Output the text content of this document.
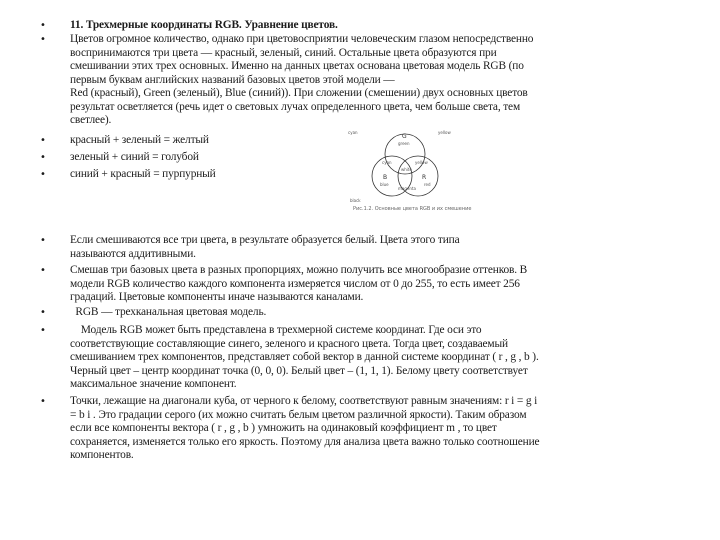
• 11. Трехмерные координаты RGB. Уравнение цветов.
• Цветов огромное количество, однако при цветовосприятии человеческим глазом непосредственно
воспринимаются три цвета — красный, зеленый, синий. Остальные цвета образуются при
смешивании этих трех основных. Именно на данных цветах основана цветовая модель RGB (по
первым буквам английских названий базовых цветов этой модели —
Red (красный), Green (зеленый), Blue (синий)). При сложении (смешении) двух основных цветов
результат осветляется (речь идет о световых лучах определенного цвета, чем больше света, тем
светлее).
• красный + зеленый = желтый
• зеленый + синий = голубой
• синий + красный = пурпурный
G
green
R
red
B
blue
white
cyan	yellow
magenta
cyan	yellow
black
Рис.1.2. Основные цвета RGB и их смешение
• Если смешиваются все три цвета, в результате образуется белый. Цвета этого типа
называются аддитивными.
• Смешав три базовых цвета в разных пропорциях, можно получить все многообразие оттенков. В
модели RGB количество каждого компонента измеряется числом от 0 до 255, то есть имеет 256
градаций. Цветовые компоненты иначе называются каналами.
• RGB — трехканальная цветовая модель.
• Модель RGB может быть представлена в трехмерной системе координат. Где оси это
соответствующие составляющие синего, зеленого и красного цвета. Тогда цвет, создаваемый
смешиванием трех компонентов, представляет собой вектор в данной системе координат ( r , g , b ).
Черный цвет – центр координат точка (0, 0, 0). Белый цвет – (1, 1, 1). Белому цвету соответствует
максимальное значение компонент.
• Точки, лежащие на диагонали куба, от черного к белому, соответствуют равным значениям: r i = g i
= b i . Это градации серого (их можно считать белым цветом различной яркости). Таким образом
если все компоненты вектора ( r , g , b ) умножить на одинаковый коэффициент m , то цвет
сохраняется, изменяется только его яркость. Поэтому для анализа цвета важно только соотношение
компонентов.
